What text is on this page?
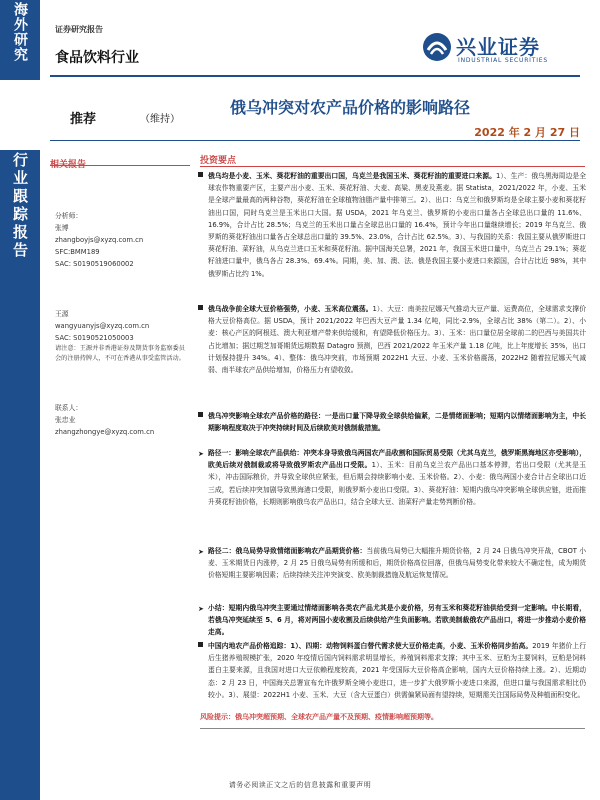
海外研究
行业跟踪报告
证券研究报告
食品饮料行业	兴业证券
INDUSTRIAL SECURITIES
推荐	（维持）
俄乌冲突对农产品价格的影响路径
2022 年 2 月 27 日
相关报告
分析师：
张博
zhangboyjs@xyzq.com.cn
SFC:BMM189
SAC: S0190519060002
王源
wangyuanyjs@xyzq.com.cn
SAC: S0190521050003
请注意：王源并非香港证券及期货事务监察委员会的注册持牌人，不可在香港从事受监管活动。
联系人：
张忠业
zhangzhongye@xyzq.com.cn
投资要点
俄乌均是小麦、玉米、葵花籽油的重要出口国，乌克兰是我国玉米、葵花籽油的重要进口来源。1）、生产：俄乌黑海周边是全球农作物重要产区，主要产出小麦、玉米、葵花籽油、大麦、高粱、黑麦及燕麦。据 Statista，2021/2022 年，小麦、玉米是全球产量最高的两种谷物，葵花籽油在全球植物油脂产量中排第三。2）、出口：乌克兰和俄罗斯均是全球主要小麦和葵花籽油出口国，同时乌克兰是玉米出口大国。据 USDA，2021 年乌克兰、俄罗斯的小麦出口量各占全球总出口量的 11.6%、16.9%，合计占比 28.5%；乌克兰的玉米出口量占全球总出口量的 16.4%，预计今年出口量继续增长；2019 年乌克兰、俄罗斯的葵花籽油出口量各占全球总出口量的 39.5%、23.0%，合计占比 62.5%。3）、与我国的关系：我国主要从俄罗斯进口葵花籽油、菜籽油，从乌克兰进口玉米和葵花籽油。据中国海关总署，2021 年，我国玉米进口量中，乌克兰占 29.1%；葵花籽油进口量中，俄乌各占 28.3%、69.4%。同期，美、加、澳、法、俄是我国主要小麦进口来源国，合计占比近 98%，其中俄罗斯占比约 1%。
俄乌战争前全球大豆价格强势，小麦、玉米高位震荡。1）、大豆：南美拉尼娜天气推动大豆产量、运费高位，全球需求支撑价格大豆价格高位。据 USDA，预计 2021/2022 年巴西大豆产量 1.34 亿吨，同比-2.9%，全球占比 38%（第二）。2）、小麦：核心产区的阿根廷、澳大利亚增产带来供给缓和，有望降低价格压力。3）、玉米：出口量位居全球前二的巴西与美国共计占比增加；据过期芝加哥期货远期数据 Datagro 预测，巴西 2021/2022 年玉米产量 1.18 亿吨，比上年度增长 35%，出口计划保持提升 34%。4）、整体：俄乌冲突前，市场预期 2022H1 大豆、小麦、玉米价格震荡，2022H2 随着拉尼娜天气减弱、南半球农产品供给增加，价格压力有望收敛。
俄乌冲突影响全球农产品价格的路径：一是出口量下降导致全球供给偏紧，二是情绪面影响；短期内以情绪面影响为主，中长期影响程度取决于冲突持续时间及后续欧美对俄制裁措施。
➤ 路径一：影响全球农产品供给：冲突本身导致俄乌两国农产品收割和国际贸易受限（尤其乌克兰，俄罗斯黑海地区亦受影响），欧美后续对俄制裁或将导致俄罗斯农产品出口受限。1）、玉米：目前乌克兰农产品出口基本停滞，若出口受限（尤其是玉米），冲击国际粮价，并导致全球供应紧张，但后期会持续影响小麦、玉米价格。2）、小麦：俄乌两国小麦合计占全球出口近三成，若后续冲突加剧导致黑海港口受限，则俄罗斯小麦出口受限。3）、葵花籽油：短期内俄乌冲突影响全球供应链，进而推升葵花籽油价格，长期则影响俄乌农产品出口，结合全球大豆、油菜籽产量走势判断价格。
➤ 路径二：俄乌局势导致情绪面影响农产品期货价格：当前俄乌局势已大幅推升期货价格，2 月 24 日俄乌冲突开战，CBOT 小麦、玉米期货日内涨停，2 月 25 日俄乌局势有所缓和后，期货价格高位回落，但俄乌局势变化带来较大不确定性，成为期货价格短期主要影响因素；后续持续关注冲突演变、欧美制裁措施及航运恢复情况。
➤ 小结：短期内俄乌冲突主要通过情绪面影响各类农产品尤其是小麦价格，另有玉米和葵花籽油供给受到一定影响。中长期看，若俄乌冲突延续至 5、6 月，将对两国小麦收割及后续供给产生负面影响。若欧美制裁俄农产品出口，将进一步推动小麦价格走高。
中国内地农产品价格追踪：1）、四期：动物饲料蛋白替代需求使大豆价格走高，小麦、玉米价格同步抬高。2019 年猪价上行后生猪养殖规模扩张，2020 年疫情后国内饲料需求明显增长，养殖饲料需求支撑；其中玉米、豆粕为主要饲料，豆粕是饲料蛋白主要来源，且我国对进口大豆依赖程度较高，2021 年受国际大豆价格高企影响，国内大豆价格持续上涨。2）、近期动态：2 月 23 日，中国海关总署宣布允许俄罗斯全境小麦进口，进一步扩大俄罗斯小麦进口来源，但进口量与我国需求相比仍较小。3）、展望：2022H1 小麦、玉米、大豆（含大豆蛋白）供需偏紧局面有望持续，短期需关注国际局势及种植面积变化。
风险提示：俄乌冲突超预期、全球农产品产量不及预期、疫情影响超预期等。
请务必阅读正文之后的信息披露和重要声明
